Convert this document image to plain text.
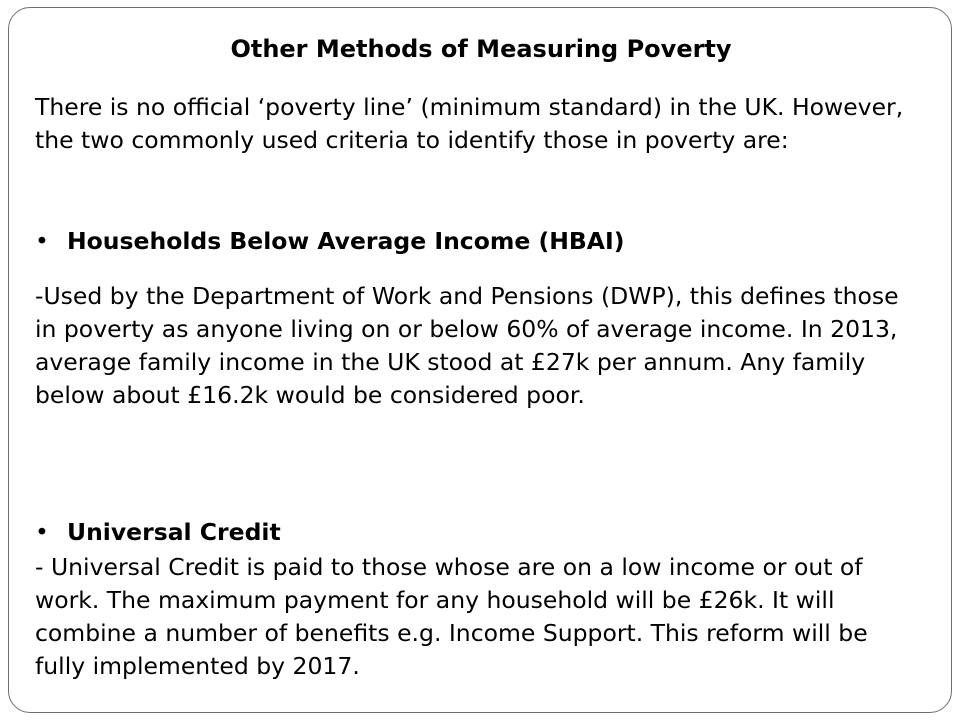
Other Methods of Measuring Poverty

There is no official ‘poverty line’ (minimum standard) in the UK. However, the two commonly used criteria to identify those in poverty are:

• Households Below Average Income (HBAI)

-Used by the Department of Work and Pensions (DWP), this defines those in poverty as anyone living on or below 60% of average income. In 2013, average family income in the UK stood at £27k per annum. Any family below about £16.2k would be considered poor.

• Universal Credit

- Universal Credit is paid to those whose are on a low income or out of work. The maximum payment for any household will be £26k. It will combine a number of benefits e.g. Income Support. This reform will be fully implemented by 2017.
